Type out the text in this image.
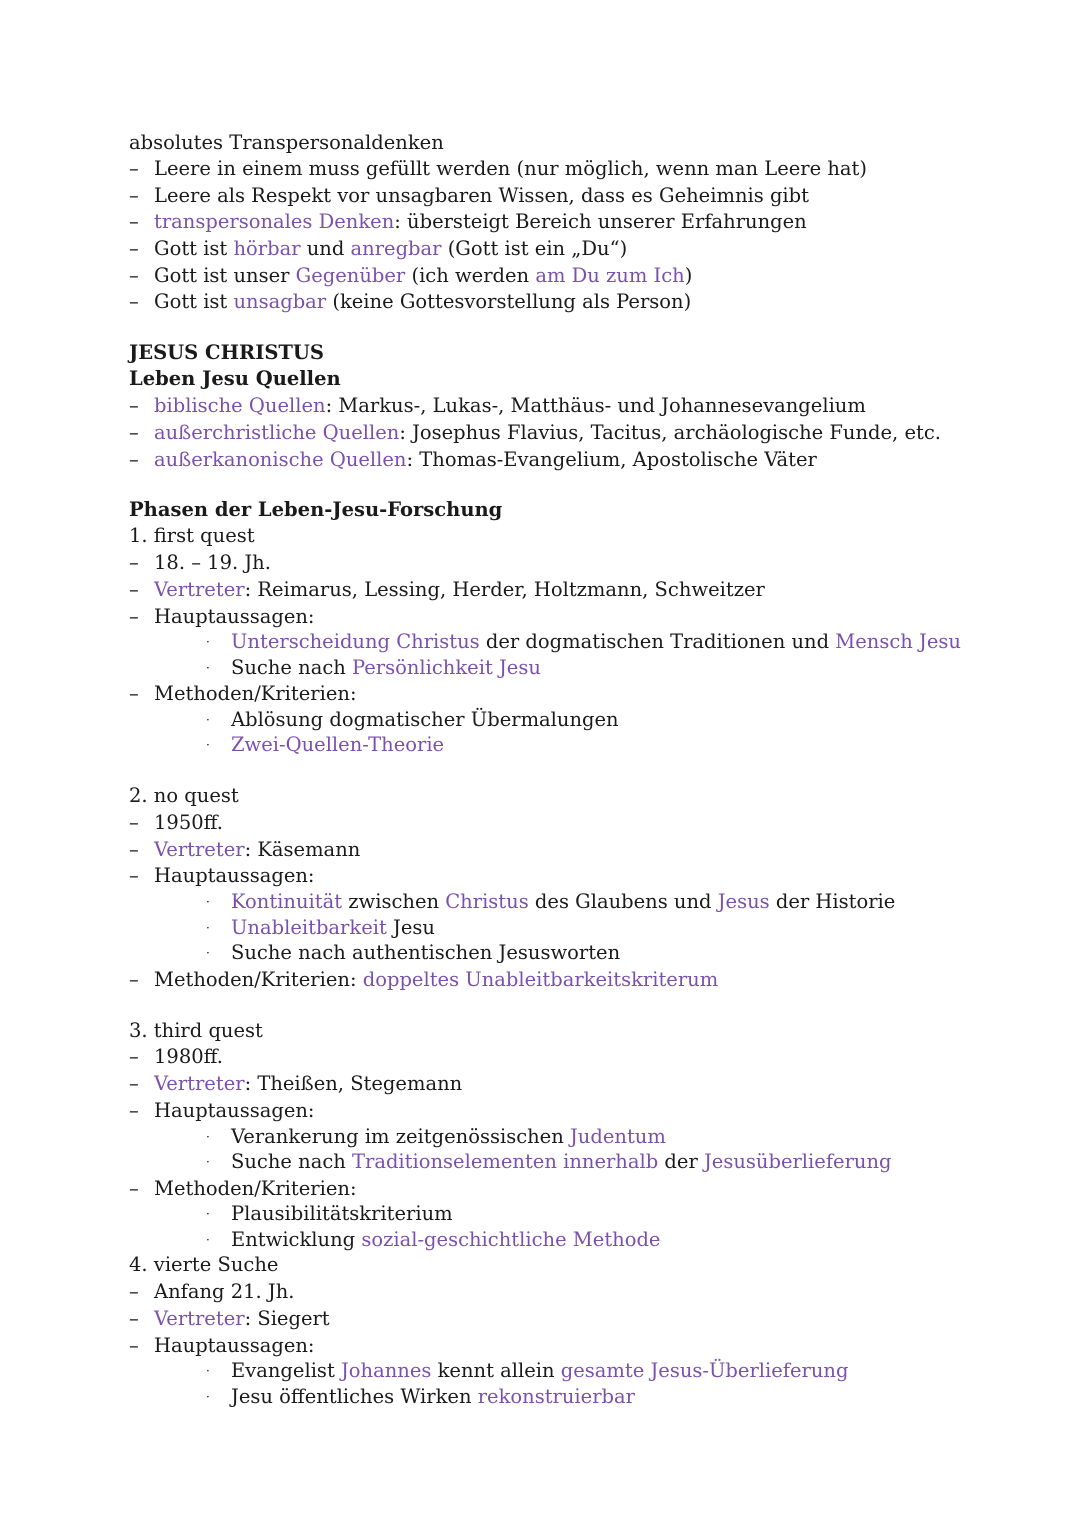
absolutes Transpersonaldenken
– Leere in einem muss gefüllt werden (nur möglich, wenn man Leere hat)
– Leere als Respekt vor unsagbaren Wissen, dass es Geheimnis gibt
– transpersonales Denken: übersteigt Bereich unserer Erfahrungen
– Gott ist hörbar und anregbar (Gott ist ein „Du“)
– Gott ist unser Gegenüber (ich werden am Du zum Ich)
– Gott ist unsagbar (keine Gottesvorstellung als Person)
JESUS CHRISTUS
Leben Jesu Quellen
– biblische Quellen: Markus-, Lukas-, Matthäus- und Johannesevangelium
– außerchristliche Quellen: Josephus Flavius, Tacitus, archäologische Funde, etc.
– außerkanonische Quellen: Thomas-Evangelium, Apostolische Väter
Phasen der Leben-Jesu-Forschung
1. first quest
– 18. – 19. Jh.
– Vertreter: Reimarus, Lessing, Herder, Holtzmann, Schweitzer
– Hauptaussagen:
· Unterscheidung Christus der dogmatischen Traditionen und Mensch Jesu
· Suche nach Persönlichkeit Jesu
– Methoden/Kriterien:
· Ablösung dogmatischer Übermalungen
· Zwei-Quellen-Theorie
2. no quest
– 1950ff.
– Vertreter: Käsemann
– Hauptaussagen:
· Kontinuität zwischen Christus des Glaubens und Jesus der Historie
· Unableitbarkeit Jesu
· Suche nach authentischen Jesusworten
– Methoden/Kriterien: doppeltes Unableitbarkeitskriterum
3. third quest
– 1980ff.
– Vertreter: Theißen, Stegemann
– Hauptaussagen:
· Verankerung im zeitgenössischen Judentum
· Suche nach Traditionselementen innerhalb der Jesusüberlieferung
– Methoden/Kriterien:
· Plausibilitätskriterium
· Entwicklung sozial-geschichtliche Methode
4. vierte Suche
– Anfang 21. Jh.
– Vertreter: Siegert
– Hauptaussagen:
· Evangelist Johannes kennt allein gesamte Jesus-Überlieferung
· Jesu öffentliches Wirken rekonstruierbar
